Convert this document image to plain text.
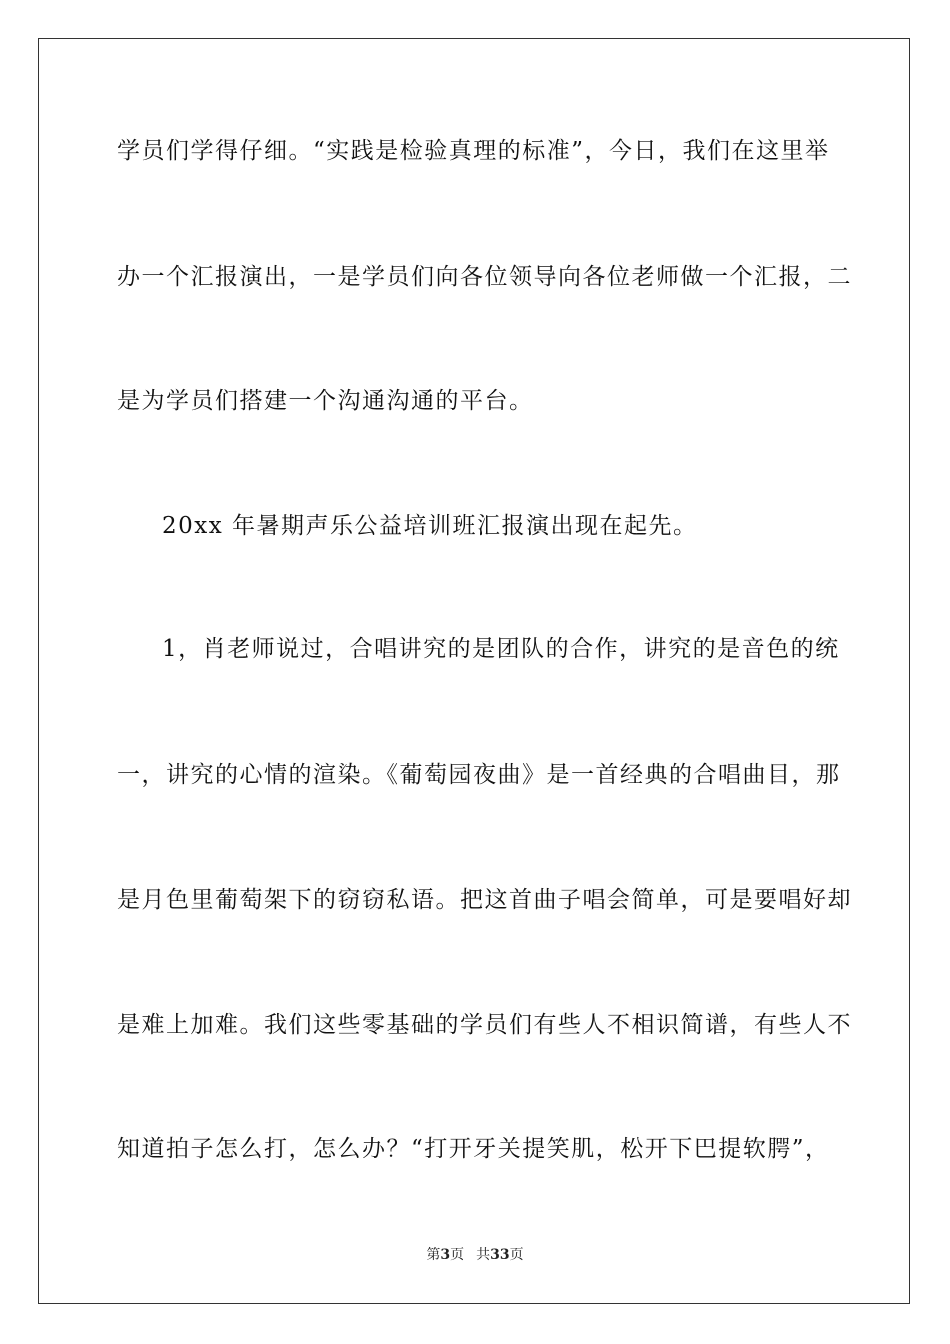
学员们学得仔细。“实践是检验真理的标准”，今日，我们在这里举
办一个汇报演出，一是学员们向各位领导向各位老师做一个汇报，二
是为学员们搭建一个沟通沟通的平台。
20xx 年暑期声乐公益培训班汇报演出现在起先。
1，肖老师说过，合唱讲究的是团队的合作，讲究的是音色的统
一，讲究的心情的渲染。《葡萄园夜曲》是一首经典的合唱曲目，那
是月色里葡萄架下的窃窃私语。把这首曲子唱会简单，可是要唱好却
是难上加难。我们这些零基础的学员们有些人不相识简谱，有些人不
知道拍子怎么打，怎么办？“打开牙关提笑肌，松开下巴提软腭”，
第3页 共33页
